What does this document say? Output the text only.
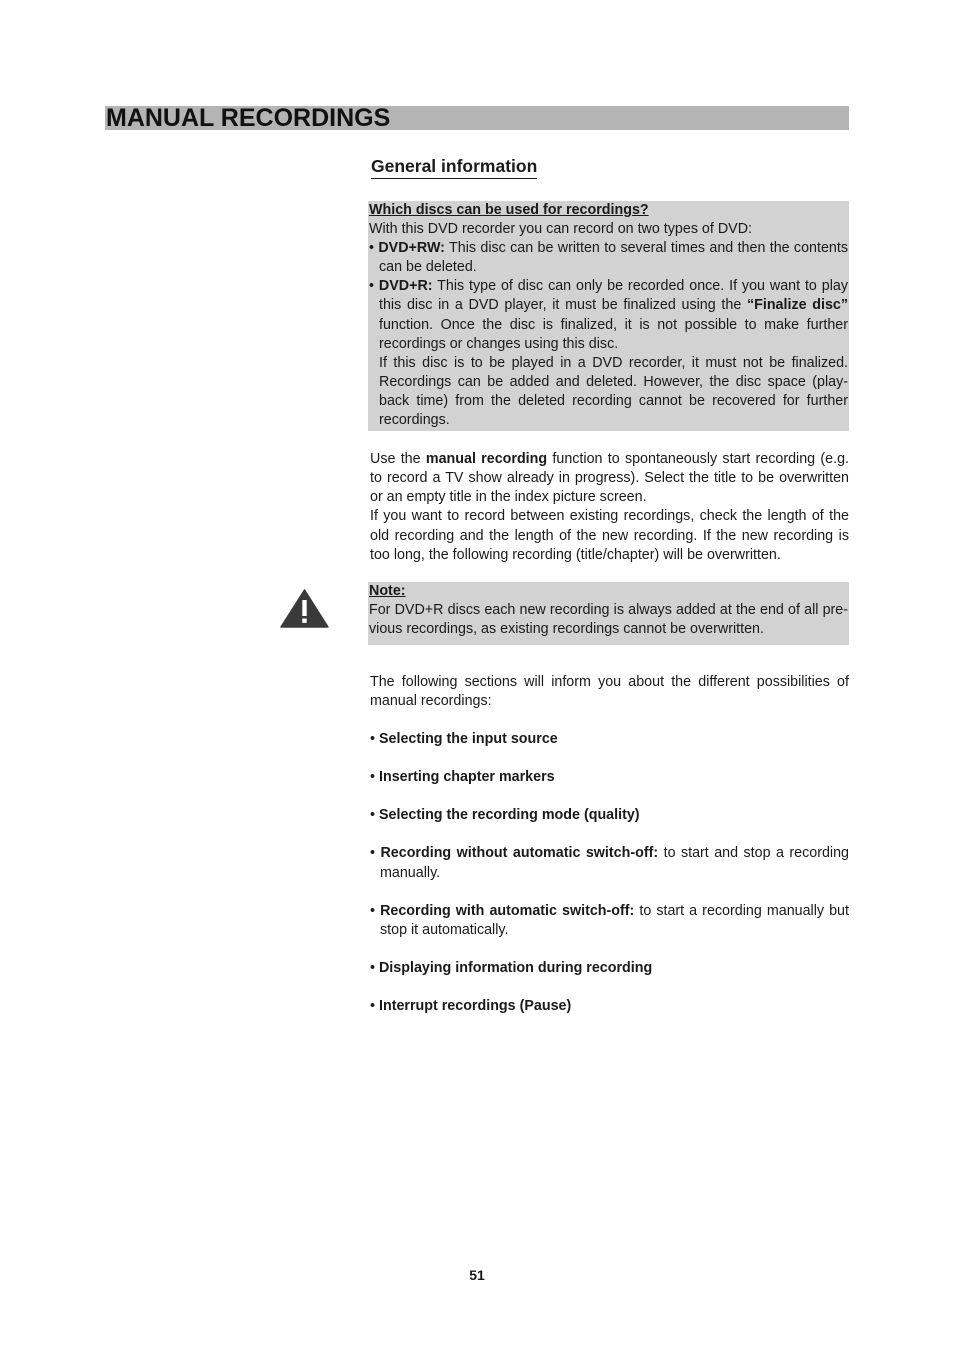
MANUAL RECORDINGS
General information

Which discs can be used for recordings?

With this DVD recorder you can record on two types of DVD:

• DVD+RW: This disc can be written to several times and then the contents can be deleted.

• DVD+R: This type of disc can only be recorded once. If you want to play this disc in a DVD player, it must be finalized using the “Finalize disc” function. Once the disc is finalized, it is not possible to make further recordings or changes using this disc.

If this disc is to be played in a DVD recorder, it must not be finalized. Recordings can be added and deleted. However, the disc space (play-back time) from the deleted recording cannot be recovered for further recordings.

Use the manual recording function to spontaneously start recording (e.g. to record a TV show already in progress). Select the title to be overwritten or an empty title in the index picture screen.

If you want to record between existing recordings, check the length of the old recording and the length of the new recording. If the new recording is too long, the following recording (title/chapter) will be overwritten.

Note:

For DVD+R discs each new recording is always added at the end of all pre-vious recordings, as existing recordings cannot be overwritten.

The following sections will inform you about the different possibilities of manual recordings:

• Selecting the input source
• Inserting chapter markers
• Selecting the recording mode (quality)
• Recording without automatic switch-off: to start and stop a recording manually.
• Recording with automatic switch-off: to start a recording manually but stop it automatically.
• Displaying information during recording
• Interrupt recordings (Pause)
51
